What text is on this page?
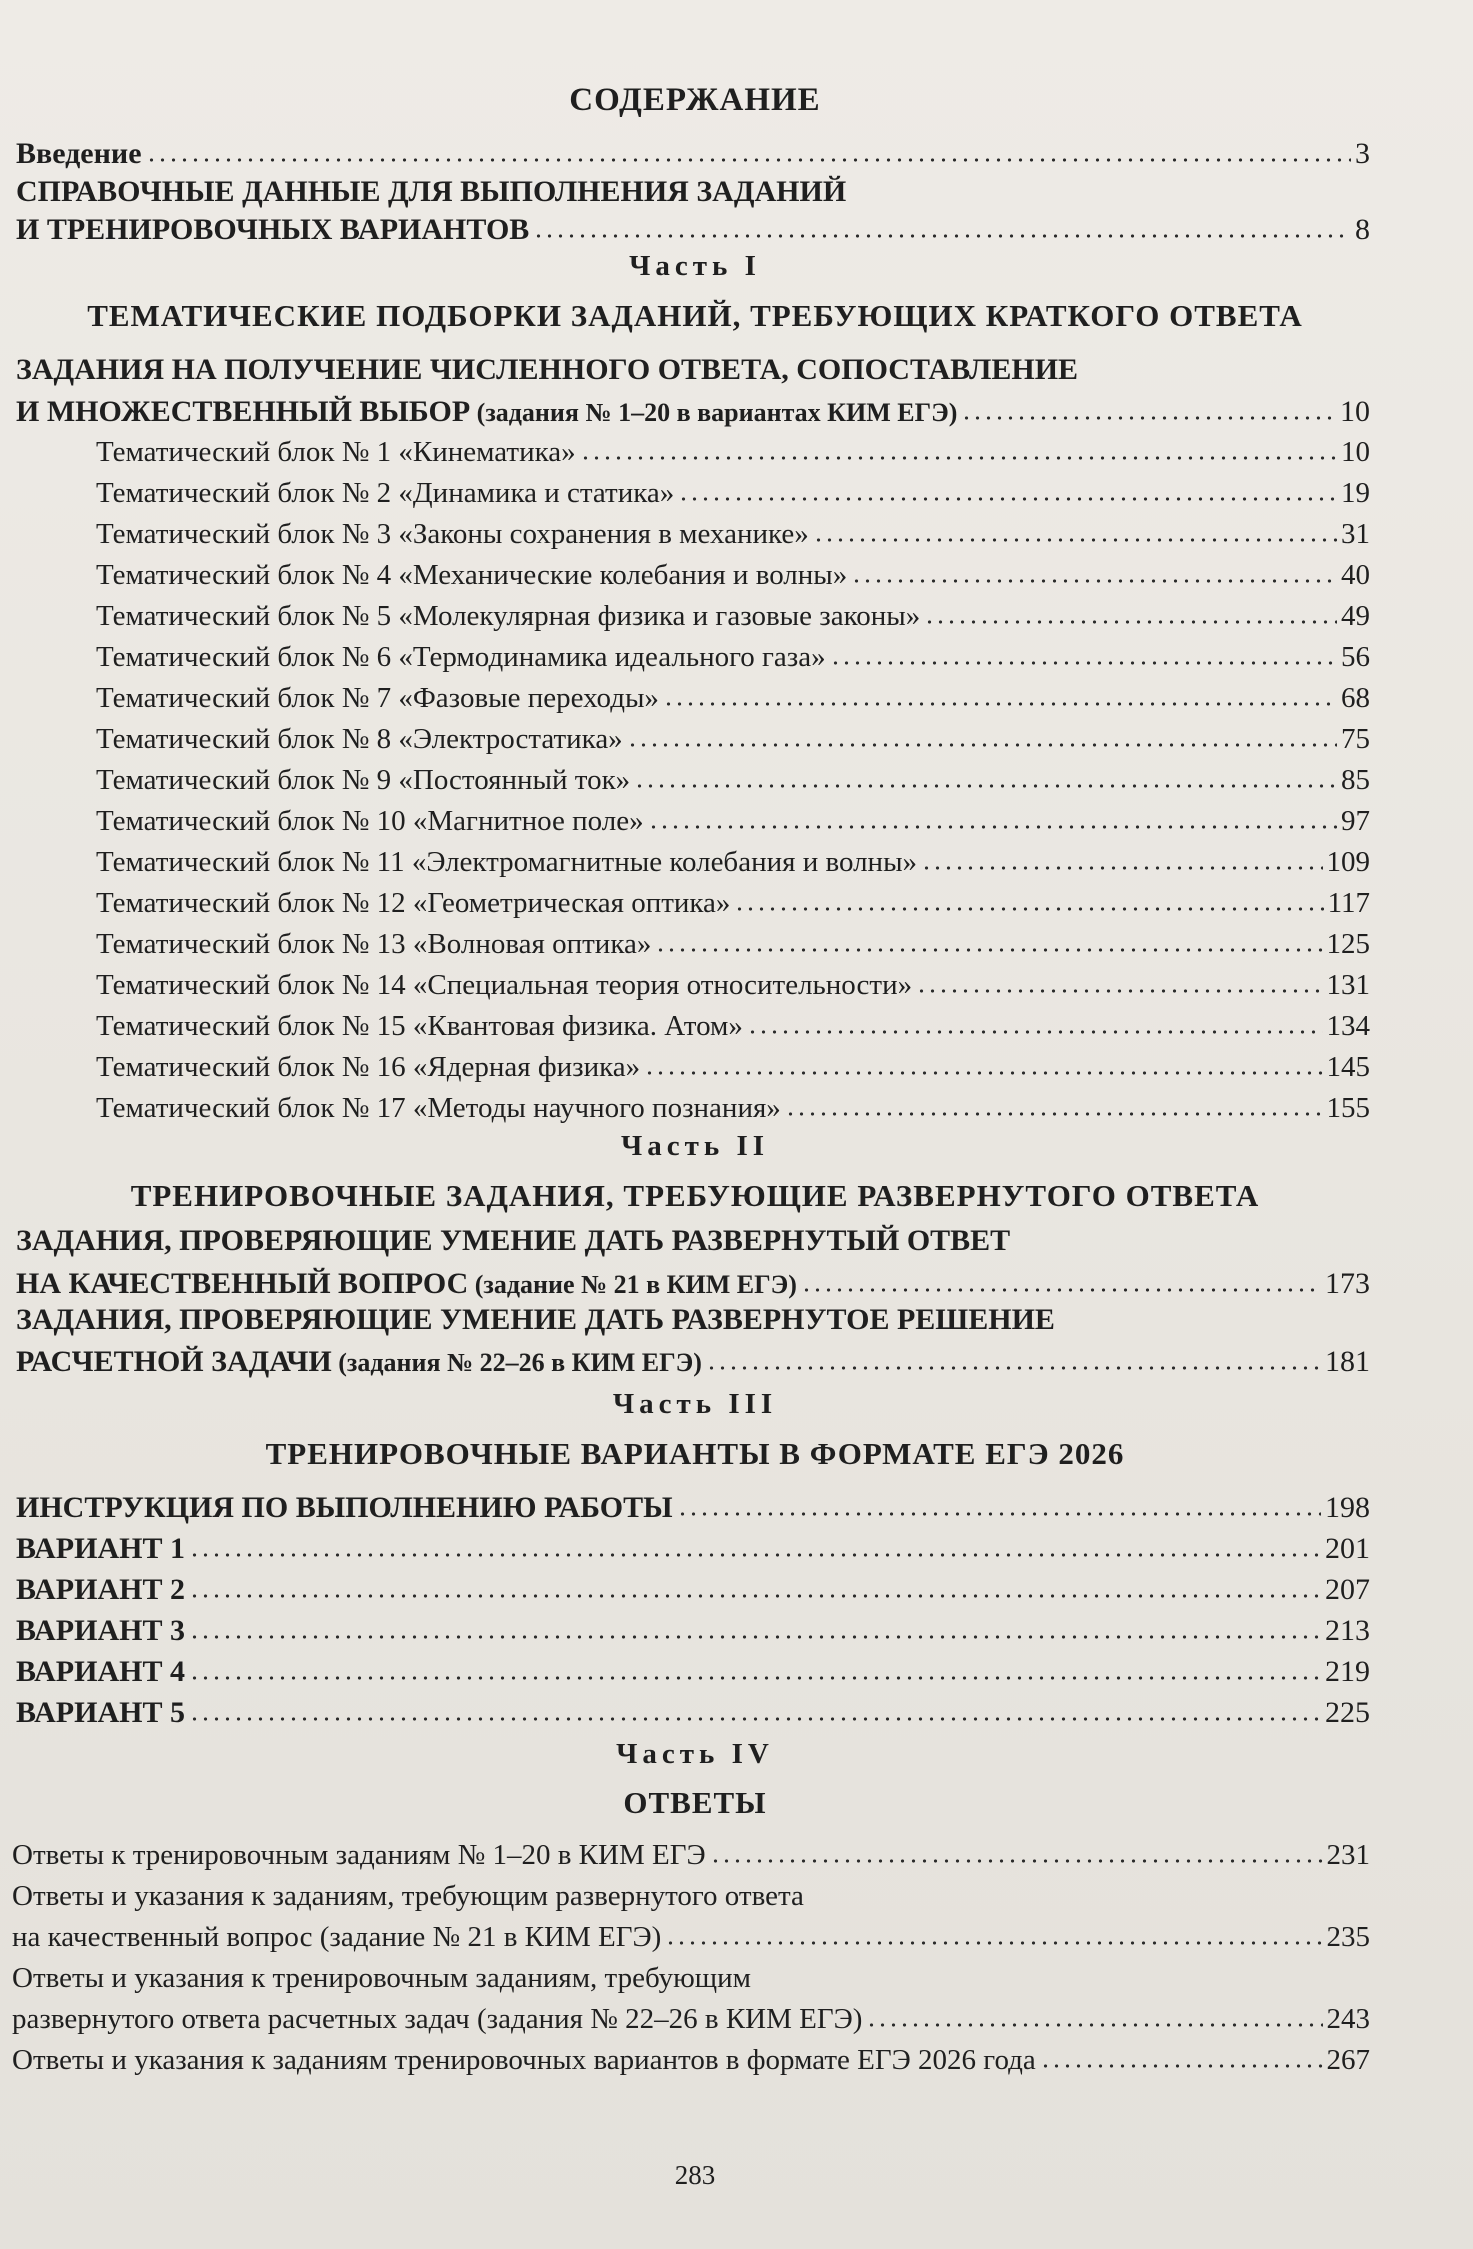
СОДЕРЖАНИЕ
Введение	3
СПРАВОЧНЫЕ ДАННЫЕ ДЛЯ ВЫПОЛНЕНИЯ ЗАДАНИЙ
И ТРЕНИРОВОЧНЫХ ВАРИАНТОВ	8
Часть I
ТЕМАТИЧЕСКИЕ ПОДБОРКИ ЗАДАНИЙ, ТРЕБУЮЩИХ КРАТКОГО ОТВЕТА
ЗАДАНИЯ НА ПОЛУЧЕНИЕ ЧИСЛЕННОГО ОТВЕТА, СОПОСТАВЛЕНИЕ
И МНОЖЕСТВЕННЫЙ ВЫБОР (задания № 1–20 в вариантах КИМ ЕГЭ)	10
Тематический блок № 1 «Кинематика»	10
Тематический блок № 2 «Динамика и статика»	19
Тематический блок № 3 «Законы сохранения в механике»	31
Тематический блок № 4 «Механические колебания и волны»	40
Тематический блок № 5 «Молекулярная физика и газовые законы»	49
Тематический блок № 6 «Термодинамика идеального газа»	56
Тематический блок № 7 «Фазовые переходы»	68
Тематический блок № 8 «Электростатика»	75
Тематический блок № 9 «Постоянный ток»	85
Тематический блок № 10 «Магнитное поле»	97
Тематический блок № 11 «Электромагнитные колебания и волны»	109
Тематический блок № 12 «Геометрическая оптика»	117
Тематический блок № 13 «Волновая оптика»	125
Тематический блок № 14 «Специальная теория относительности»	131
Тематический блок № 15 «Квантовая физика. Атом»	134
Тематический блок № 16 «Ядерная физика»	145
Тематический блок № 17 «Методы научного познания»	155
Часть II
ТРЕНИРОВОЧНЫЕ ЗАДАНИЯ, ТРЕБУЮЩИЕ РАЗВЕРНУТОГО ОТВЕТА
ЗАДАНИЯ, ПРОВЕРЯЮЩИЕ УМЕНИЕ ДАТЬ РАЗВЕРНУТЫЙ ОТВЕТ
НА КАЧЕСТВЕННЫЙ ВОПРОС (задание № 21 в КИМ ЕГЭ)	173
ЗАДАНИЯ, ПРОВЕРЯЮЩИЕ УМЕНИЕ ДАТЬ РАЗВЕРНУТОЕ РЕШЕНИЕ
РАСЧЕТНОЙ ЗАДАЧИ (задания № 22–26 в КИМ ЕГЭ)	181
Часть III
ТРЕНИРОВОЧНЫЕ ВАРИАНТЫ В ФОРМАТЕ ЕГЭ 2026
ИНСТРУКЦИЯ ПО ВЫПОЛНЕНИЮ РАБОТЫ	198
ВАРИАНТ 1	201
ВАРИАНТ 2	207
ВАРИАНТ 3	213
ВАРИАНТ 4	219
ВАРИАНТ 5	225
Часть IV
ОТВЕТЫ
Ответы к тренировочным заданиям № 1–20 в КИМ ЕГЭ	231
Ответы и указания к заданиям, требующим развернутого ответа
на качественный вопрос (задание № 21 в КИМ ЕГЭ)	235
Ответы и указания к тренировочным заданиям, требующим
развернутого ответа расчетных задач (задания № 22–26 в КИМ ЕГЭ)	243
Ответы и указания к заданиям тренировочных вариантов в формате ЕГЭ 2026 года	267
283
